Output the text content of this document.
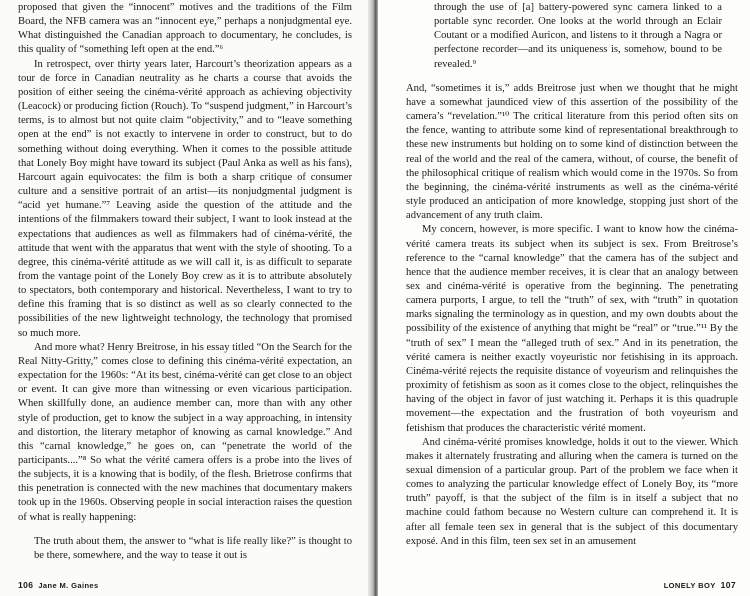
proposed that given the “innocent” motives and the traditions of the Film Board, the NFB camera was an “innocent eye,” perhaps a nonjudgmental eye. What distinguished the Canadian approach to documentary, he concludes, is this quality of “something left open at the end.”⁶

In retrospect, over thirty years later, Harcourt’s theorization appears as a tour de force in Canadian neutrality as he charts a course that avoids the position of either seeing the cinéma-vérité approach as achieving objectivity (Leacock) or producing fiction (Rouch). To “suspend judgment,” in Harcourt’s terms, is to almost but not quite claim “objectivity,” and to “leave something open at the end” is not exactly to intervene in order to construct, but to do something without doing everything. When it comes to the possible attitude that Lonely Boy might have toward its subject (Paul Anka as well as his fans), Harcourt again equivocates: the film is both a sharp critique of consumer culture and a sensitive portrait of an artist—its nonjudgmental judgment is “acid yet humane.”⁷ Leaving aside the question of the attitude and the intentions of the filmmakers toward their subject, I want to look instead at the expectations that audiences as well as filmmakers had of cinéma-vérité, the attitude that went with the apparatus that went with the style of shooting. To a degree, this cinéma-vérité attitude as we will call it, is as difficult to separate from the vantage point of the Lonely Boy crew as it is to attribute absolutely to spectators, both contemporary and historical. Nevertheless, I want to try to define this framing that is so distinct as well as so clearly connected to the possibilities of the new lightweight technology, the technology that promised so much more.

And more what? Henry Breitrose, in his essay titled “On the Search for the Real Nitty-Gritty,” comes close to defining this cinéma-vérité expectation, an expectation for the 1960s: “At its best, cinéma-vérité can get close to an object or event. It can give more than witnessing or even vicarious participation. When skillfully done, an audience member can, more than with any other style of production, get to know the subject in a way approaching, in intensity and distortion, the literary metaphor of knowing as carnal knowledge.” And this “carnal knowledge,” he goes on, can “penetrate the world of the participants....”⁸ So what the vérité camera offers is a probe into the lives of the subjects, it is a knowing that is bodily, of the flesh. Brietrose confirms that this penetration is connected with the new machines that documentary makers took up in the 1960s. Observing people in social interaction raises the question of what is really happening:

The truth about them, the answer to “what is life really like?” is thought to be there, somewhere, and the way to tease it out is

106 Jane M. Gaines

through the use of [a] battery-powered sync camera linked to a portable sync recorder. One looks at the world through an Eclair Coutant or a modified Auricon, and listens to it through a Nagra or perfectone recorder—and its uniqueness is, somehow, bound to be revealed.⁹

And, “sometimes it is,” adds Breitrose just when we thought that he might have a somewhat jaundiced view of this assertion of the possibility of the camera’s “revelation.”¹⁰ The critical literature from this period often sits on the fence, wanting to attribute some kind of representational breakthrough to these new instruments but holding on to some kind of distinction between the real of the world and the real of the camera, without, of course, the benefit of the philosophical critique of realism which would come in the 1970s. So from the beginning, the cinéma-vérité instruments as well as the cinéma-vérité style produced an anticipation of more knowledge, stopping just short of the advancement of any truth claim.

My concern, however, is more specific. I want to know how the cinéma-vérité camera treats its subject when its subject is sex. From Breitrose’s reference to the “carnal knowledge” that the camera has of the subject and hence that the audience member receives, it is clear that an analogy between sex and cinéma-vérité is operative from the beginning. The penetrating camera purports, I argue, to tell the “truth” of sex, with “truth” in quotation marks signaling the terminology as in question, and my own doubts about the possibility of the existence of anything that might be “real” or “true.”¹¹ By the “truth of sex” I mean the “alleged truth of sex.” And in its penetration, the vérité camera is neither exactly voyeuristic nor fetishising in its approach. Cinéma-vérité rejects the requisite distance of voyeurism and relinquishes the proximity of fetishism as soon as it comes close to the object, relinquishes the having of the object in favor of just watching it. Perhaps it is this quadruple movement—the expectation and the frustration of both voyeurism and fetishism that produces the characteristic vérité moment.

And cinéma-vérité promises knowledge, holds it out to the viewer. Which makes it alternately frustrating and alluring when the camera is turned on the sexual dimension of a particular group. Part of the problem we face when it comes to analyzing the particular knowledge effect of Lonely Boy, its “more truth” payoff, is that the subject of the film is in itself a subject that no machine could fathom because no Western culture can comprehend it. It is after all female teen sex in general that is the subject of this documentary exposé. And in this film, teen sex set in an amusement

LONELY BOY 107
